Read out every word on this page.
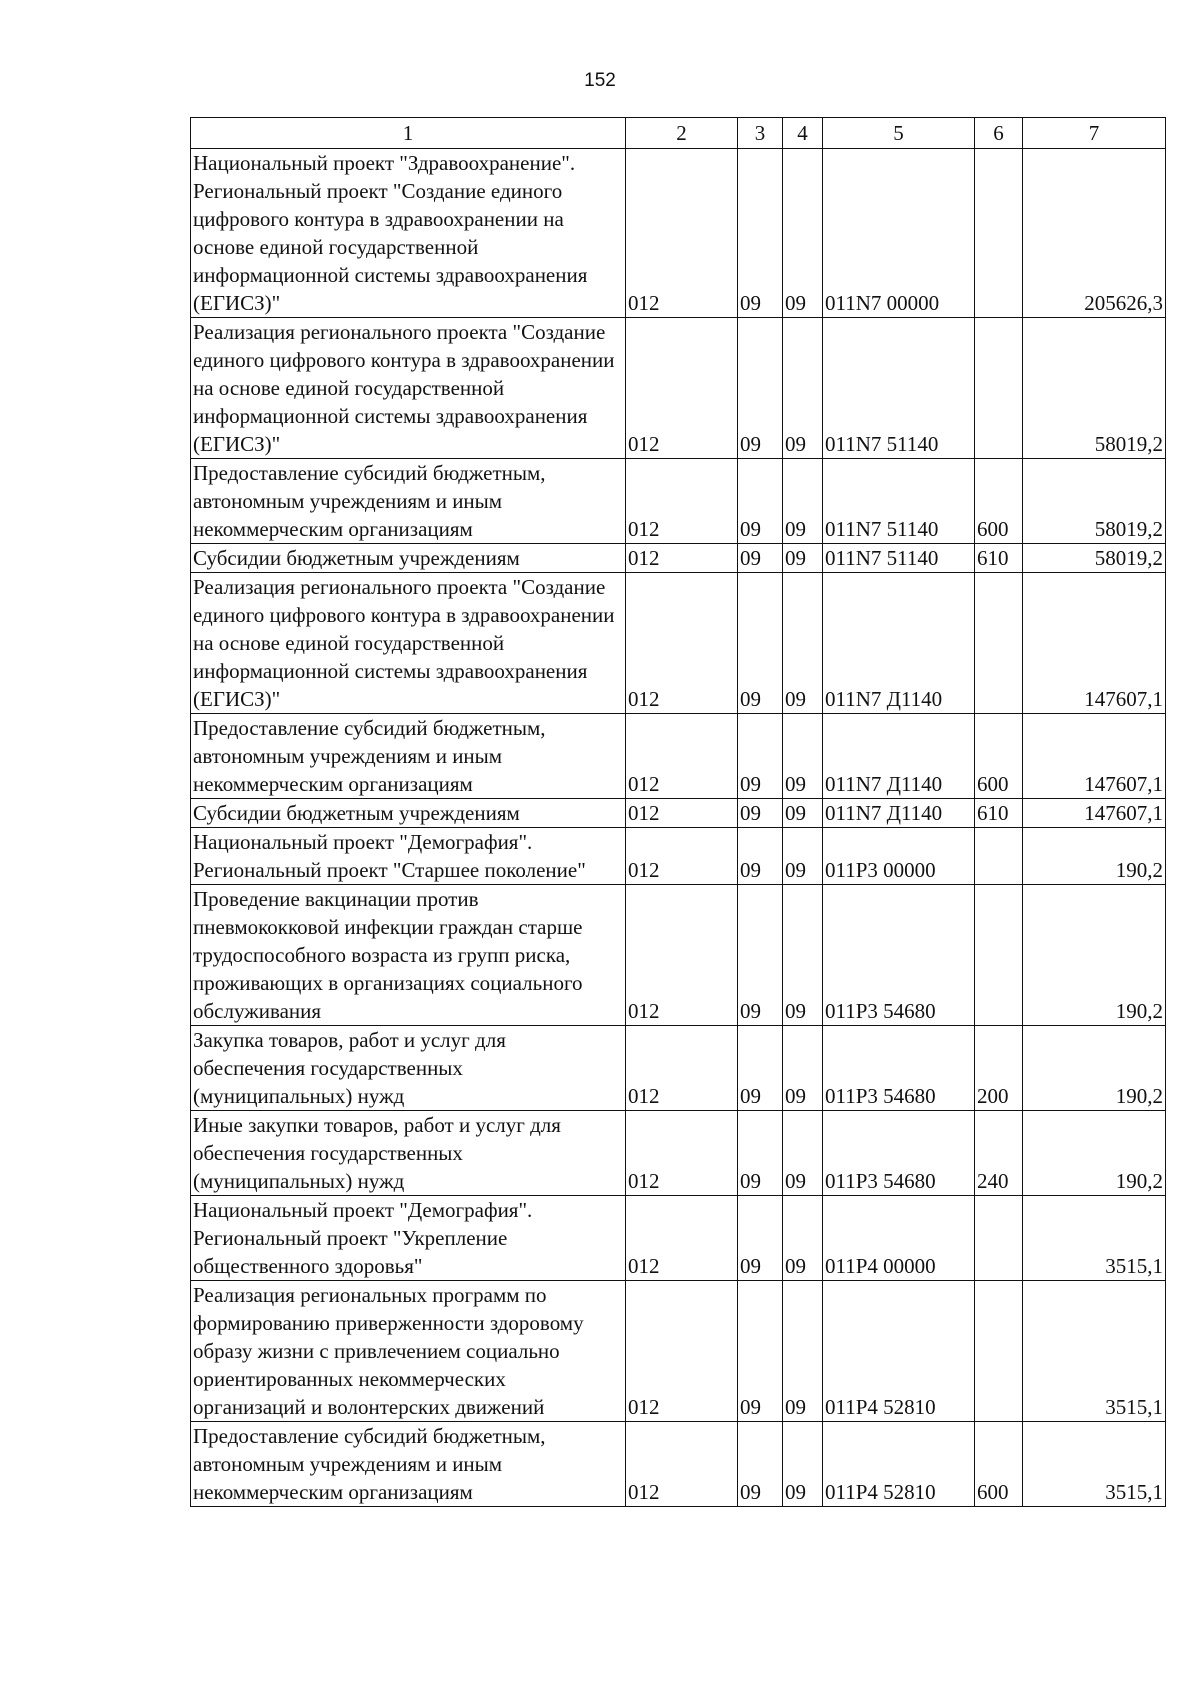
152
1	2	3	4	5	6	7
Национальный проект "Здравоохранение". Региональный проект "Создание единого цифрового контура в здравоохранении на основе единой государственной информационной системы здравоохранения (ЕГИСЗ)"	012	09	09	011N7 00000		205626,3
Реализация регионального проекта "Создание единого цифрового контура в здравоохранении на основе единой государственной информационной системы здравоохранения (ЕГИСЗ)"	012	09	09	011N7 51140		58019,2
Предоставление субсидий бюджетным, автономным учреждениям и иным некоммерческим организациям	012	09	09	011N7 51140	600	58019,2
Субсидии бюджетным учреждениям	012	09	09	011N7 51140	610	58019,2
Реализация регионального проекта "Создание единого цифрового контура в здравоохранении на основе единой государственной информационной системы здравоохранения (ЕГИСЗ)"	012	09	09	011N7 Д1140		147607,1
Предоставление субсидий бюджетным, автономным учреждениям и иным некоммерческим организациям	012	09	09	011N7 Д1140	600	147607,1
Субсидии бюджетным учреждениям	012	09	09	011N7 Д1140	610	147607,1
Национальный проект "Демография". Региональный проект "Старшее поколение"	012	09	09	011P3 00000		190,2
Проведение вакцинации против пневмококковой инфекции граждан старше трудоспособного возраста из групп риска, проживающих в организациях социального обслуживания	012	09	09	011P3 54680		190,2
Закупка товаров, работ и услуг для обеспечения государственных (муниципальных) нужд	012	09	09	011P3 54680	200	190,2
Иные закупки товаров, работ и услуг для обеспечения государственных (муниципальных) нужд	012	09	09	011P3 54680	240	190,2
Национальный проект "Демография". Региональный проект "Укрепление общественного здоровья"	012	09	09	011P4 00000		3515,1
Реализация региональных программ по формированию приверженности здоровому образу жизни с привлечением социально ориентированных некоммерческих организаций и волонтерских движений	012	09	09	011P4 52810		3515,1
Предоставление субсидий бюджетным, автономным учреждениям и иным некоммерческим организациям	012	09	09	011P4 52810	600	3515,1
